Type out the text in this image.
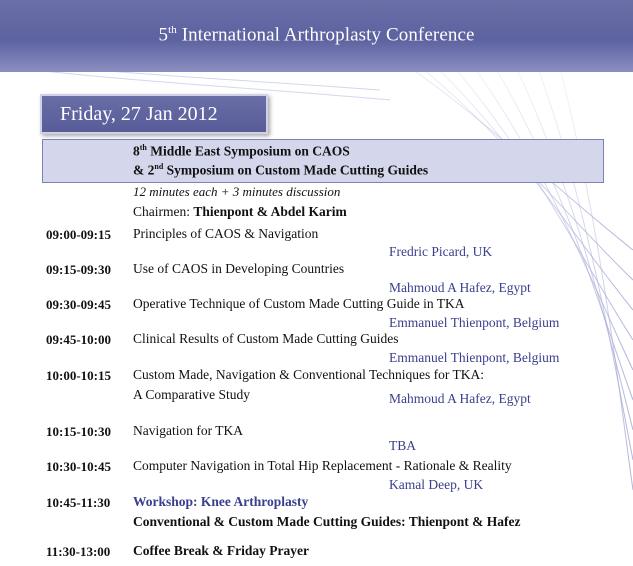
5th International Arthroplasty Conference
Friday, 27 Jan 2012
8th Middle East Symposium on CAOS
& 2nd Symposium on Custom Made Cutting Guides
12 minutes each + 3 minutes discussion
Chairmen: Thienpont & Abdel Karim
09:00-09:15 Principles of CAOS & Navigation
Fredric Picard, UK
09:15-09:30 Use of CAOS in Developing Countries
Mahmoud A Hafez, Egypt
09:30-09:45 Operative Technique of Custom Made Cutting Guide in TKA
Emmanuel Thienpont, Belgium
09:45-10:00 Clinical Results of Custom Made Cutting Guides
Emmanuel Thienpont, Belgium
10:00-10:15 Custom Made, Navigation & Conventional Techniques for TKA:
A Comparative Study	Mahmoud A Hafez, Egypt
10:15-10:30 Navigation for TKA
TBA
10:30-10:45 Computer Navigation in Total Hip Replacement - Rationale & Reality
Kamal Deep, UK
10:45-11:30 Workshop: Knee Arthroplasty
Conventional & Custom Made Cutting Guides: Thienpont & Hafez
11:30-13:00 Coffee Break & Friday Prayer
